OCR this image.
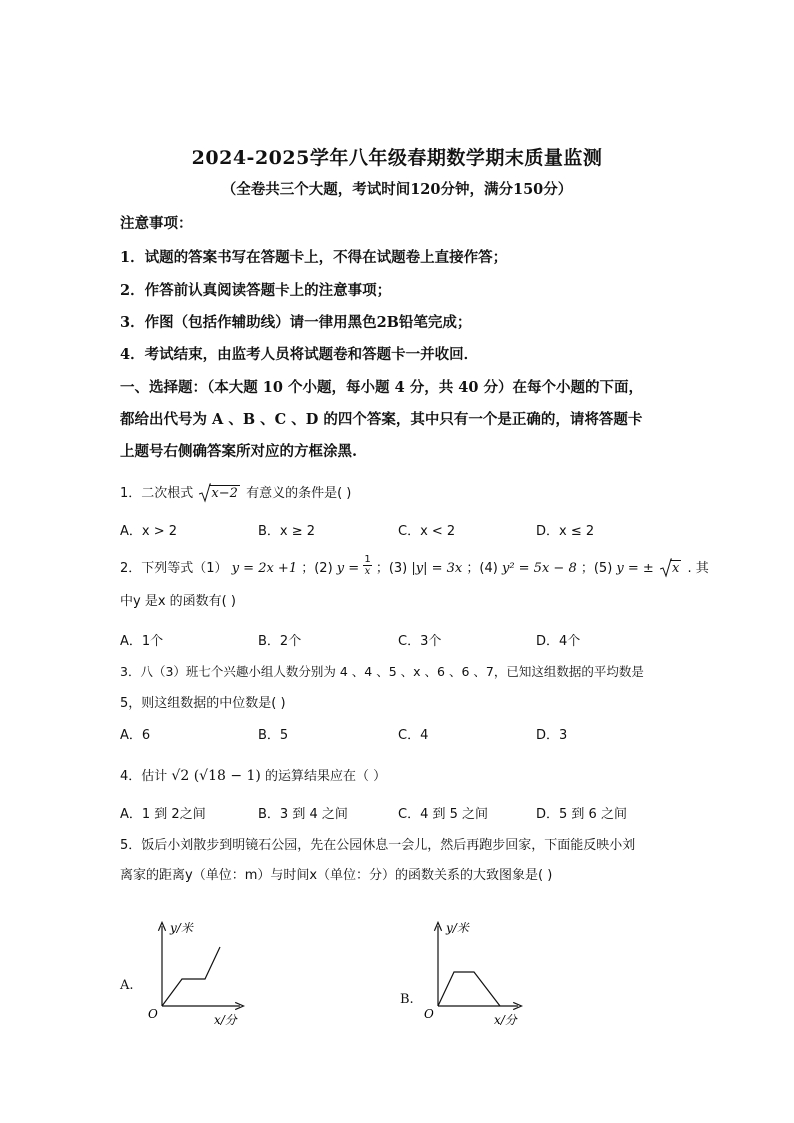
2024-2025学年八年级春期数学期末质量监测
（全卷共三个大题，考试时间120分钟，满分150分）
注意事项：
1．试题的答案书写在答题卡上，不得在试题卷上直接作答；
2．作答前认真阅读答题卡上的注意事项；
3．作图（包括作辅助线）请一律用黑色2B铅笔完成；
4．考试结束，由监考人员将试题卷和答题卡一并收回．
一、选择题：（本大题 10 个小题，每小题 4 分，共 40 分）在每个小题的下面，
都给出代号为 A 、B 、C 、D 的四个答案，其中只有一个是正确的，请将答题卡
上题号右侧确答案所对应的方框涂黑.
1．二次根式 x−2 有意义的条件是( )
A．x > 2	B．x ≥ 2	C．x < 2	D．x ≤ 2
2．下列等式（1） y = 2x +1 ；(2) $y = \frac{1}{x}$ ；(3) |y| = 3x ；(4) y² = 5x − 8 ；(5) y = ± x . 其
中y 是x 的函数有( )
A．1个	B．2个	C．3个	D．4个
3．八（3）班七个兴趣小组人数分别为 4 、4 、5 、x 、6 、6 、7，已知这组数据的平均数是
5，则这组数据的中位数是( )
A．6	B．5	C．4	D．3
4．估计 √2 (√18 − 1) 的运算结果应在（ ）
A．1 到 2之间	B．3 到 4 之间	C．4 到 5 之间	D．5 到 6 之间
5．饭后小刘散步到明镜石公园，先在公园休息一会儿，然后再跑步回家，下面能反映小刘
离家的距离y（单位：m）与时间x（单位：分）的函数关系的大致图象是( )
A.
y/米
x/分
O
B.
y/米
x/分
O
